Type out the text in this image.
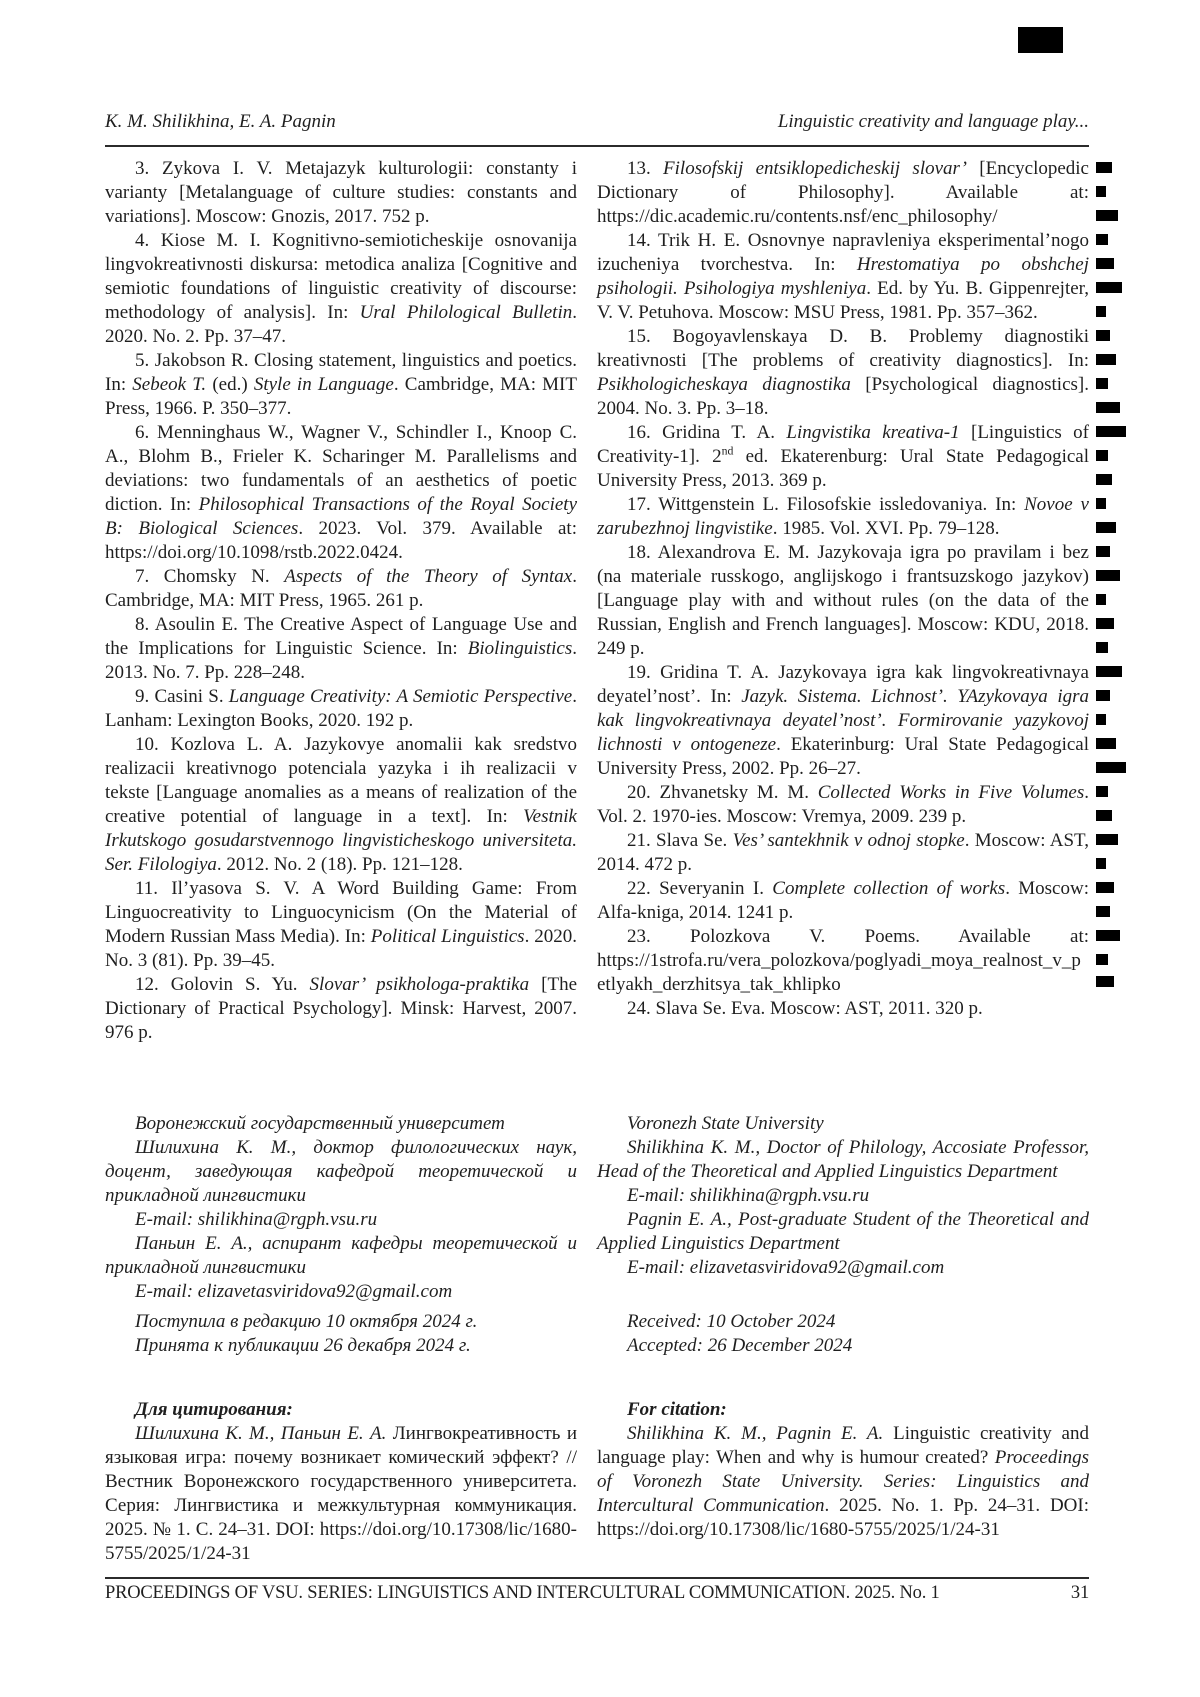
K. M. Shilikhina, E. A. Pagnin	Linguistic creativity and language play...

3. Zykova I. V. Metajazyk kulturologii: constanty i varianty [Metalanguage of culture studies: constants and variations]. Moscow: Gnozis, 2017. 752 p.

4. Kiose M. I. Kognitivno-semioticheskije osnovanija lingvokreativnosti diskursa: metodica analiza [Cognitive and semiotic foundations of linguistic creativity of discourse: methodology of analysis]. In: Ural Philological Bulletin. 2020. No. 2. Pp. 37–47.

5. Jakobson R. Closing statement, linguistics and poetics. In: Sebeok T. (ed.) Style in Language. Cambridge, MA: MIT Press, 1966. P. 350–377.

6. Menninghaus W., Wagner V., Schindler I., Knoop C. A., Blohm B., Frieler K. Scharinger M. Parallelisms and deviations: two fundamentals of an aesthetics of poetic diction. In: Philosophical Transactions of the Royal Society B: Biological Sciences. 2023. Vol. 379. Available at: https://doi.org/10.1098/rstb.2022.0424.

7. Chomsky N. Aspects of the Theory of Syntax. Cambridge, MA: MIT Press, 1965. 261 p.

8. Asoulin E. The Creative Aspect of Language Use and the Implications for Linguistic Science. In: Biolinguistics. 2013. No. 7. Pp. 228–248.

9. Casini S. Language Creativity: A Semiotic Perspective. Lanham: Lexington Books, 2020. 192 p.

10. Kozlova L. A. Jazykovye anomalii kak sredstvo realizacii kreativnogo potenciala yazyka i ih realizacii v tekste [Language anomalies as a means of realization of the creative potential of language in a text]. In: Vestnik Irkutskogo gosudarstvennogo lingvisticheskogo universiteta. Ser. Filologiya. 2012. No. 2 (18). Pp. 121–128.

11. Il’yasova S. V. A Word Building Game: From Linguocreativity to Linguocynicism (On the Material of Modern Russian Mass Media). In: Political Linguistics. 2020. No. 3 (81). Pp. 39–45.

12. Golovin S. Yu. Slovar’ psikhologa-praktika [The Dictionary of Practical Psychology]. Minsk: Harvest, 2007. 976 p.

13. Filosofskij entsiklopedicheskij slovar’ [Encyclopedic Dictionary of Philosophy]. Available at: https://dic.academic.ru/contents.nsf/enc_philosophy/

14. Trik H. E. Osnovnye napravleniya eksperimental’nogo izucheniya tvorchestva. In: Hrestomatiya po obshchej psihologii. Psihologiya myshleniya. Ed. by Yu. B. Gippenrejter, V. V. Petuhova. Moscow: MSU Press, 1981. Pp. 357–362.

15. Bogoyavlenskaya D. B. Problemy diagnostiki kreativnosti [The problems of creativity diagnostics]. In: Psikhologicheskaya diagnostika [Psychological diagnostics]. 2004. No. 3. Pp. 3–18.

16. Gridina T. A. Lingvistika kreativa-1 [Linguistics of Creativity-1]. 2nd ed. Ekaterenburg: Ural State Pedagogical University Press, 2013. 369 p.

17. Wittgenstein L. Filosofskie issledovaniya. In: Novoe v zarubezhnoj lingvistike. 1985. Vol. XVI. Pp. 79–128.

18. Alexandrova E. M. Jazykovaja igra po pravilam i bez (na materiale russkogo, anglijskogo i frantsuzskogo jazykov) [Language play with and without rules (on the data of the Russian, English and French languages]. Moscow: KDU, 2018. 249 p.

19. Gridina T. A. Jazykovaya igra kak lingvokreativnaya deyatel’nost’. In: Jazyk. Sistema. Lichnost’. YAzykovaya igra kak lingvokreativnaya deyatel’nost’. Formirovanie yazykovoj lichnosti v ontogeneze. Ekaterinburg: Ural State Pedagogical University Press, 2002. Pp. 26–27.

20. Zhvanetsky M. M. Collected Works in Five Volumes. Vol. 2. 1970-ies. Moscow: Vremya, 2009. 239 p.

21. Slava Se. Ves’ santekhnik v odnoj stopke. Moscow: AST, 2014. 472 p.

22. Severyanin I. Complete collection of works. Moscow: Alfa-kniga, 2014. 1241 p.

23. Polozkova V. Poems. Available at: https://1strofa.ru/vera_polozkova/poglyadi_moya_realnost_v_petlyakh_derzhitsya_tak_khlipko

24. Slava Se. Eva. Moscow: AST, 2011. 320 p.

Воронежский государственный университет

Шилихина К. М., доктор филологических наук, доцент, заведующая кафедрой теоретической и прикладной лингвистики

E-mail: shilikhina@rgph.vsu.ru

Паньин Е. А., аспирант кафедры теоретической и прикладной лингвистики

E-mail: elizavetasviridova92@gmail.com

Voronezh State University

Shilikhina K. M., Doctor of Philology, Accosiate Professor, Head of the Theoretical and Applied Linguistics Department

E-mail: shilikhina@rgph.vsu.ru

Pagnin E. A., Post-graduate Student of the Theoretical and Applied Linguistics Department

E-mail: elizavetasviridova92@gmail.com

Поступила в редакцию 10 октября 2024 г.

Принята к публикации 26 декабря 2024 г.

Received: 10 October 2024

Accepted: 26 December 2024

Для цитирования:

Шилихина К. М., Паньин Е. А. Лингвокреативность и языковая игра: почему возникает комический эффект? // Вестник Воронежского государственного университета. Серия: Лингвистика и межкультурная коммуникация. 2025. № 1. С. 24–31. DOI: https://doi.org/10.17308/lic/1680-5755/2025/1/24-31

For citation:

Shilikhina K. M., Pagnin E. A. Linguistic creativity and language play: When and why is humour created? Proceedings of Voronezh State University. Series: Linguistics and Intercultural Communication. 2025. No. 1. Pp. 24–31. DOI: https://doi.org/10.17308/lic/1680-5755/2025/1/24-31

PROCEEDINGS OF VSU. SERIES: LINGUISTICS AND INTERCULTURAL COMMUNICATION. 2025. No. 1	31
